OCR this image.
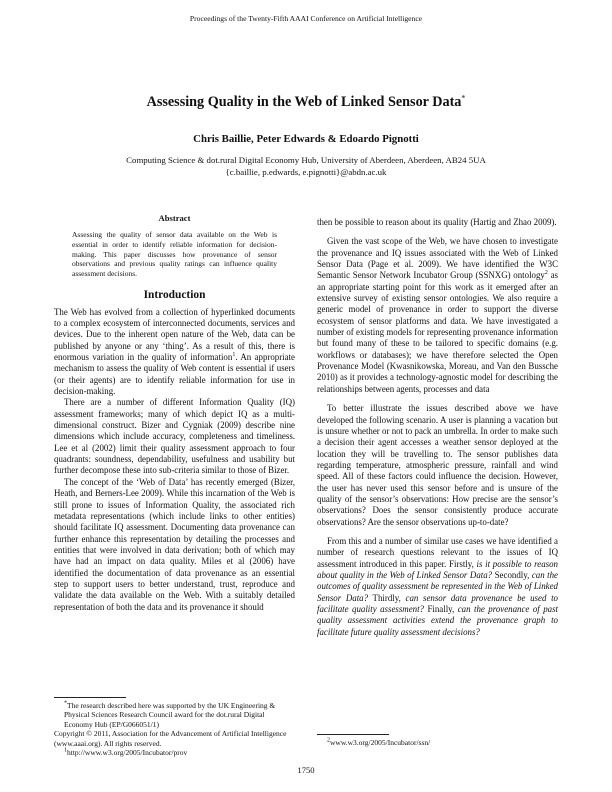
Proceedings of the Twenty-Fifth AAAI Conference on Artificial Intelligence
Assessing Quality in the Web of Linked Sensor Data*
Chris Baillie, Peter Edwards & Edoardo Pignotti
Computing Science & dot.rural Digital Economy Hub, University of Aberdeen, Aberdeen, AB24 5UA
{c.baillie, p.edwards, e.pignotti}@abdn.ac.uk
Abstract

Assessing the quality of sensor data available on the Web is essential in order to identify reliable information for decision-making. This paper discusses how provenance of sensor observations and previous quality ratings can influence quality assessment decisions.

Introduction

The Web has evolved from a collection of hyperlinked documents to a complex ecosystem of interconnected documents, services and devices. Due to the inherent open nature of the Web, data can be published by anyone or any ‘thing’. As a result of this, there is enormous variation in the quality of information$^1$. An appropriate mechanism to assess the quality of Web content is essential if users (or their agents) are to identify reliable information for use in decision-making.

There are a number of different Information Quality (IQ) assessment frameworks; many of which depict IQ as a multi-dimensional construct. Bizer and Cygniak (2009) describe nine dimensions which include accuracy, completeness and timeliness. Lee et al (2002) limit their quality assessment approach to four quadrants: soundness, dependability, usefulness and usability but further decompose these into sub-criteria similar to those of Bizer.

The concept of the ‘Web of Data’ has recently emerged (Bizer, Heath, and Berners-Lee 2009). While this incarnation of the Web is still prone to issues of Information Quality, the associated rich metadata representations (which include links to other entities) should facilitate IQ assessment. Documenting data provenance can further enhance this representation by detailing the processes and entities that were involved in data derivation; both of which may have had an impact on data quality. Miles et al (2006) have identified the documentation of data provenance as an essential step to support users to better understand, trust, reproduce and validate the data available on the Web. With a suitably detailed representation of both the data and its provenance it should

then be possible to reason about its quality (Hartig and Zhao 2009).

Given the vast scope of the Web, we have chosen to investigate the provenance and IQ issues associated with the Web of Linked Sensor Data (Page et al. 2009). We have identified the W3C Semantic Sensor Network Incubator Group (SSNXG) ontology$^2$ as an appropriate starting point for this work as it emerged after an extensive survey of existing sensor ontologies. We also require a generic model of provenance in order to support the diverse ecosystem of sensor platforms and data. We have investigated a number of existing models for representing provenance information but found many of these to be tailored to specific domains (e.g. workflows or databases); we have therefore selected the Open Provenance Model (Kwasnikowska, Moreau, and Van den Bussche 2010) as it provides a technology-agnostic model for describing the relationships between agents, processes and data

To better illustrate the issues described above we have developed the following scenario. A user is planning a vacation but is unsure whether or not to pack an umbrella. In order to make such a decision their agent accesses a weather sensor deployed at the location they will be travelling to. The sensor publishes data regarding temperature, atmospheric pressure, rainfall and wind speed. All of these factors could influence the decision. However, the user has never used this sensor before and is unsure of the quality of the sensor’s observations: How precise are the sensor’s observations? Does the sensor consistently produce accurate observations? Are the sensor observations up-to-date?

From this and a number of similar use cases we have identified a number of research questions relevant to the issues of IQ assessment introduced in this paper. Firstly, is it possible to reason about quality in the Web of Linked Sensor Data? Secondly, can the outcomes of quality assessment be represented in the Web of Linked Sensor Data? Thirdly, can sensor data provenance be used to facilitate quality assessment? Finally, can the provenance of past quality assessment activities extend the provenance graph to facilitate future quality assessment decisions?

*The research described here was supported by the UK Engineering & Physical Sciences Research Council award for the dot.rural Digital Economy Hub (EP/G066051/1)

Copyright © 2011, Association for the Advancement of Artificial Intelligence (www.aaai.org). All rights reserved.

$^1$http://www.w3.org/2005/Incubator/prov

$^2$www.w3.org/2005/Incubator/ssn/

1750
